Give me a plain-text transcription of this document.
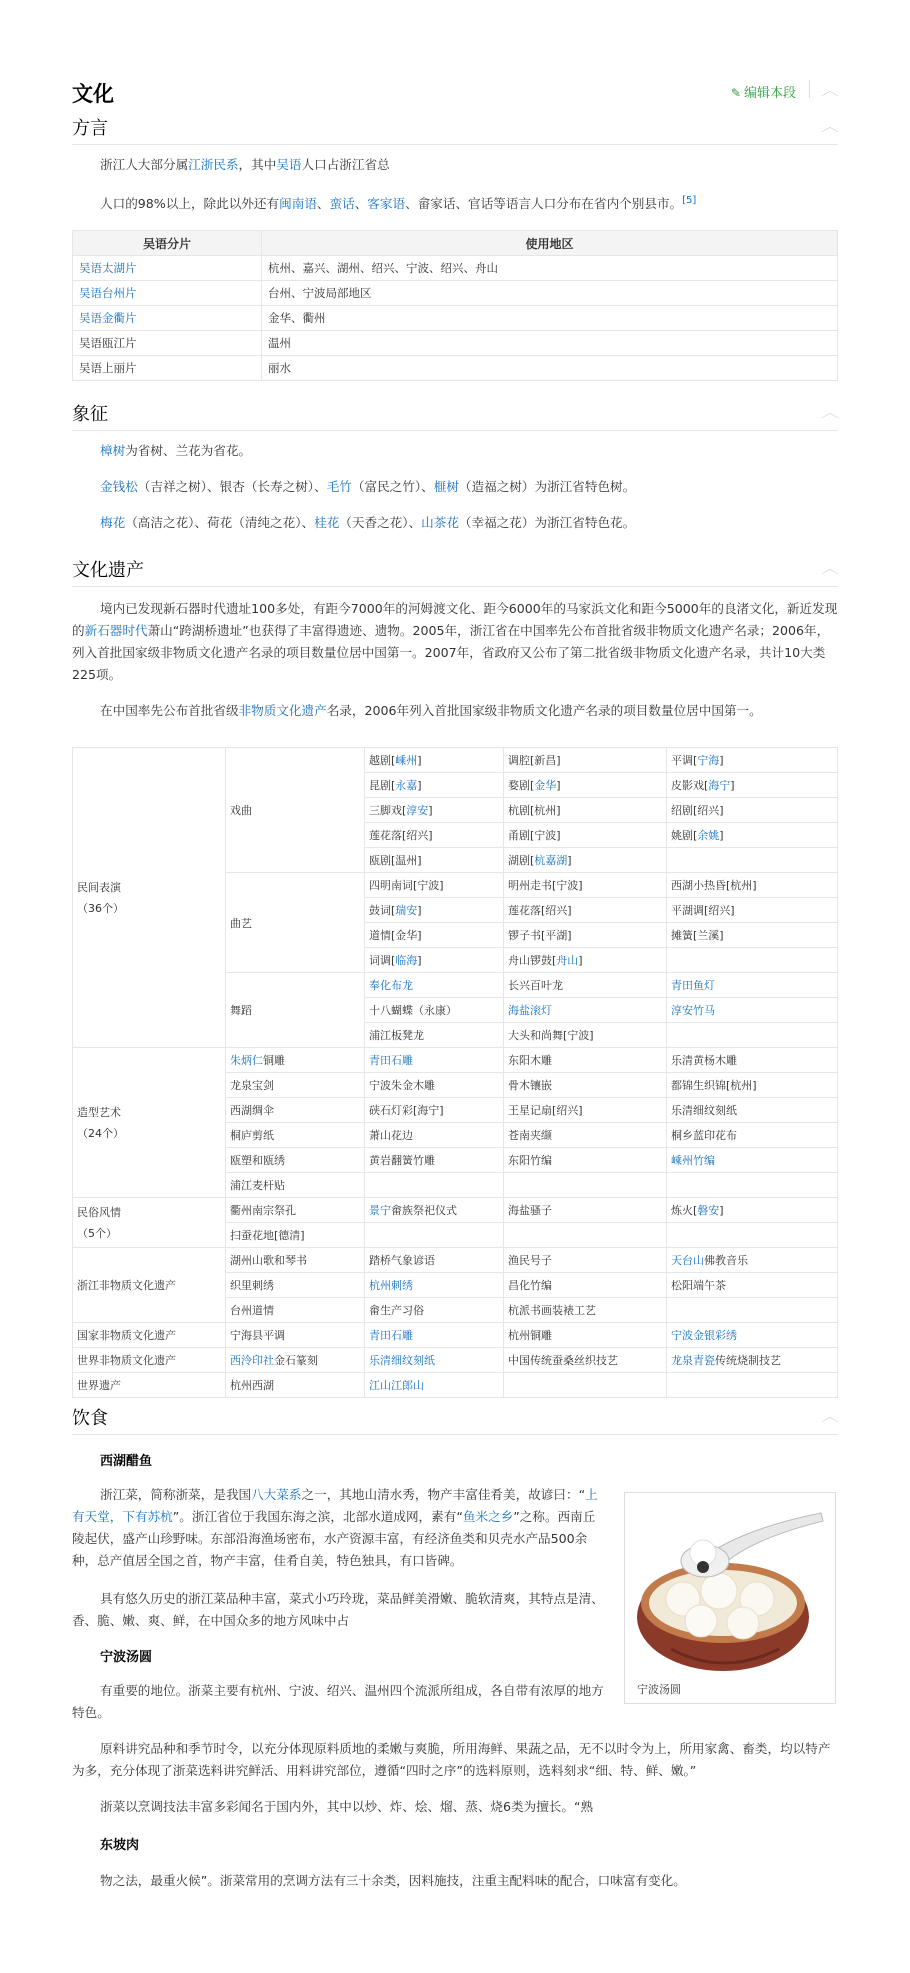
文化	✎ 编辑本段 ︿
方言	︿
浙江人大部分属江浙民系，其中吴语人口占浙江省总
人口的98%以上，除此以外还有闽南语、蛮话、客家语、畲家话、官话等语言人口分布在省内个别县市。[5]
吴语分片	使用地区
吴语太湖片	杭州、嘉兴、湖州、绍兴、宁波、绍兴、舟山
吴语台州片	台州、宁波局部地区
吴语金衢片	金华、衢州
吴语瓯江片	温州
吴语上丽片	丽水
象征	︿
樟树为省树、兰花为省花。
金钱松（吉祥之树）、银杏（长寿之树）、毛竹（富民之竹）、榧树（造福之树）为浙江省特色树。
梅花（高洁之花）、荷花（清纯之花）、桂花（天香之花）、山茶花（幸福之花）为浙江省特色花。
文化遗产	︿
境内已发现新石器时代遗址100多处，有距今7000年的河姆渡文化、距今6000年的马家浜文化和距今5000年的良渚文化，新近发现的新石器时代萧山“跨湖桥遗址”也获得了丰富得遗迹、遗物。2005年，浙江省在中国率先公布首批省级非物质文化遗产名录；2006年，列入首批国家级非物质文化遗产名录的项目数量位居中国第一。2007年，省政府又公布了第二批省级非物质文化遗产名录，共计10大类225项。
在中国率先公布首批省级非物质文化遗产名录，2006年列入首批国家级非物质文化遗产名录的项目数量位居中国第一。
民间表演
（36个）	戏曲	越剧[嵊州]	调腔[新昌]	平调[宁海]
		昆剧[永嘉]	婺剧[金华]	皮影戏[海宁]
		三脚戏[淳安]	杭剧[杭州]	绍剧[绍兴]
		莲花落[绍兴]	甬剧[宁波]	姚剧[余姚]
		瓯剧[温州]	湖剧[杭嘉湖]	
	曲艺	四明南词[宁波]	明州走书[宁波]	西湖小热昏[杭州]
		鼓词[瑞安]	莲花落[绍兴]	平湖调[绍兴]
		道情[金华]	锣子书[平湖]	摊簧[兰溪]
		词调[临海]	舟山锣鼓[舟山]	
	舞蹈	奉化布龙	长兴百叶龙	青田鱼灯
		十八蝴蝶（永康）	海盐滚灯	淳安竹马
		浦江板凳龙	大头和尚舞[宁波]	
造型艺术
（24个）	朱炳仁铜雕	青田石雕	东阳木雕	乐清黄杨木雕
	龙泉宝剑	宁波朱金木雕	骨木镶嵌	都锦生织锦[杭州]
	西湖绸伞	硖石灯彩[海宁]	王星记扇[绍兴]	乐清细纹刻纸
	桐庐剪纸	萧山花边	苍南夹缬	桐乡蓝印花布
	瓯塑和瓯绣	黄岩翻簧竹雕	东阳竹编	嵊州竹编
	浦江麦杆贴			
民俗风情
（5个）	衢州南宗祭孔	景宁畲族祭祀仪式	海盐骚子	炼火[磐安]
	扫蚕花地[德清]			
浙江非物质文化遗产	湖州山歌和琴书	踏桥气象谚语	渔民号子	天台山佛教音乐
	织里刺绣	杭州刺绣	昌化竹编	松阳端午茶
	台州道情	畲生产习俗	杭派书画装裱工艺	
国家非物质文化遗产	宁海县平调	青田石雕	杭州铜雕	宁波金银彩绣
世界非物质文化遗产	西泠印社金石篆刻	乐清细纹刻纸	中国传统蚕桑丝织技艺	龙泉青瓷传统烧制技艺
世界遗产	杭州西湖	江山江郎山		
饮食	︿
西湖醋鱼
浙江菜，简称浙菜，是我国八大菜系之一，其地山清水秀，物产丰富佳肴美，故谚曰：“上有天堂，下有苏杭”。浙江省位于我国东海之滨，北部水道成网，素有“鱼米之乡”之称。西南丘陵起伏，盛产山珍野味。东部沿海渔场密布，水产资源丰富，有经济鱼类和贝壳水产品500余种，总产值居全国之首，物产丰富，佳肴自美，特色独具，有口皆碑。
具有悠久历史的浙江菜品种丰富，菜式小巧玲珑，菜品鲜美滑嫩、脆软清爽，其特点是清、香、脆、嫩、爽、鲜，在中国众多的地方风味中占
宁波汤圆
有重要的地位。浙菜主要有杭州、宁波、绍兴、温州四个流派所组成，各自带有浓厚的地方特色。
原料讲究品种和季节时令，以充分体现原料质地的柔嫩与爽脆，所用海鲜、果蔬之品，无不以时令为上，所用家禽、畜类，均以特产为多，充分体现了浙菜选料讲究鲜活、用料讲究部位，遵循“四时之序”的选料原则，选料刻求“细、特、鲜、嫩。”
浙菜以烹调技法丰富多彩闻名于国内外，其中以炒、炸、烩、熘、蒸、烧6类为擅长。“熟
东坡肉
物之法，最重火候”。浙菜常用的烹调方法有三十余类，因料施技，注重主配料味的配合，口味富有变化。
宁波汤圆
